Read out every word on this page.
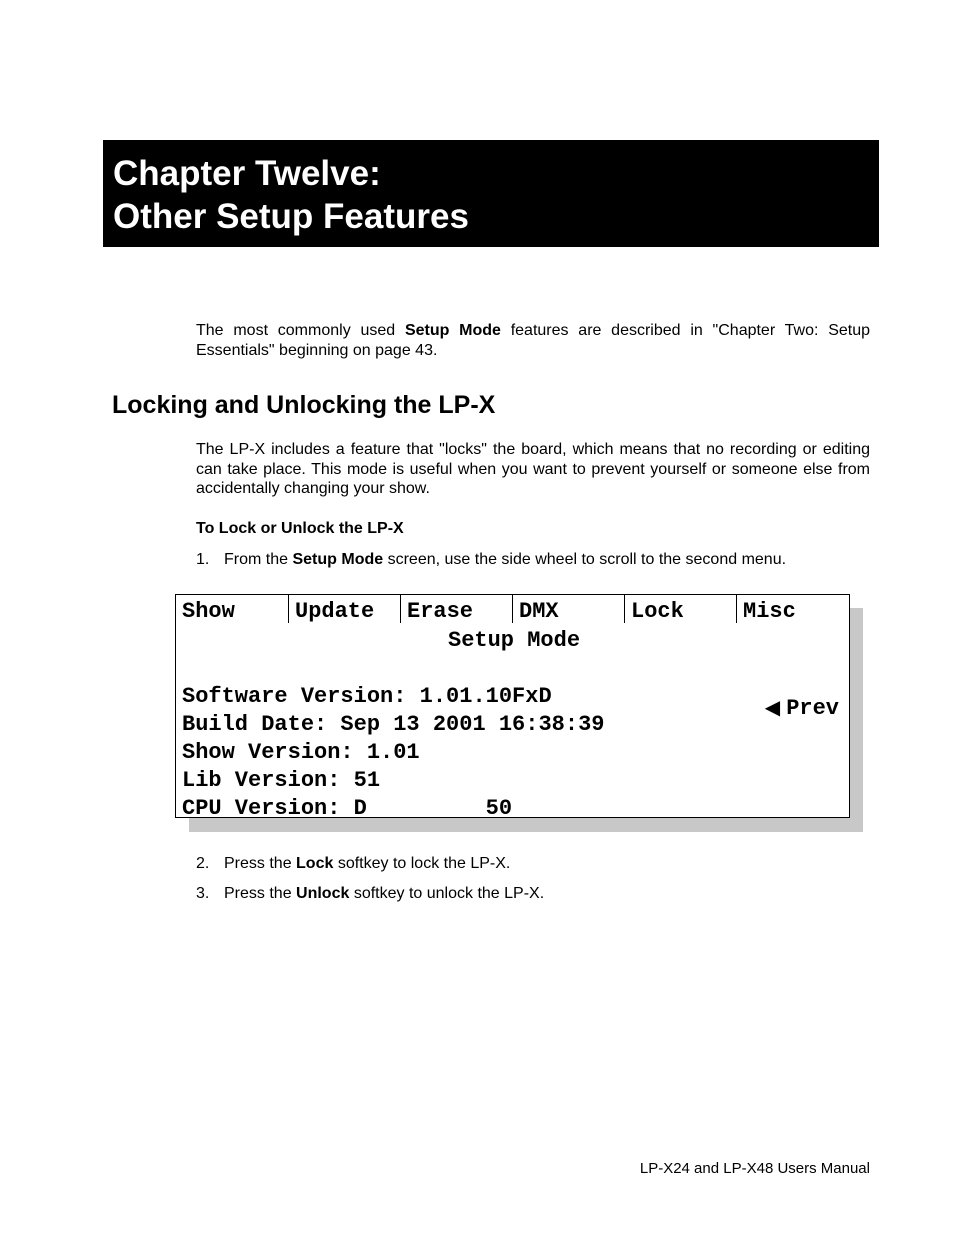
Chapter Twelve:
Other Setup Features

The most commonly used Setup Mode features are described in "Chapter Two: Setup Essentials" beginning on page 43.

Locking and Unlocking the LP-X

The LP-X includes a feature that "locks" the board, which means that no recording or editing can take place. This mode is useful when you want to prevent yourself or someone else from accidentally changing your show.

To Lock or Unlock the LP-X
1. From the Setup Mode screen, use the side wheel to scroll to the second menu.
Show	Update	Erase	DMX	Lock	Misc
Setup Mode
Software Version: 1.01.10FxD
Build Date: Sep 13 2001 16:38:39
Show Version: 1.01
Lib Version: 51
CPU Version: D         50
◀ Prev
2. Press the Lock softkey to lock the LP-X.
3. Press the Unlock softkey to unlock the LP-X.
LP-X24 and LP-X48 Users Manual
